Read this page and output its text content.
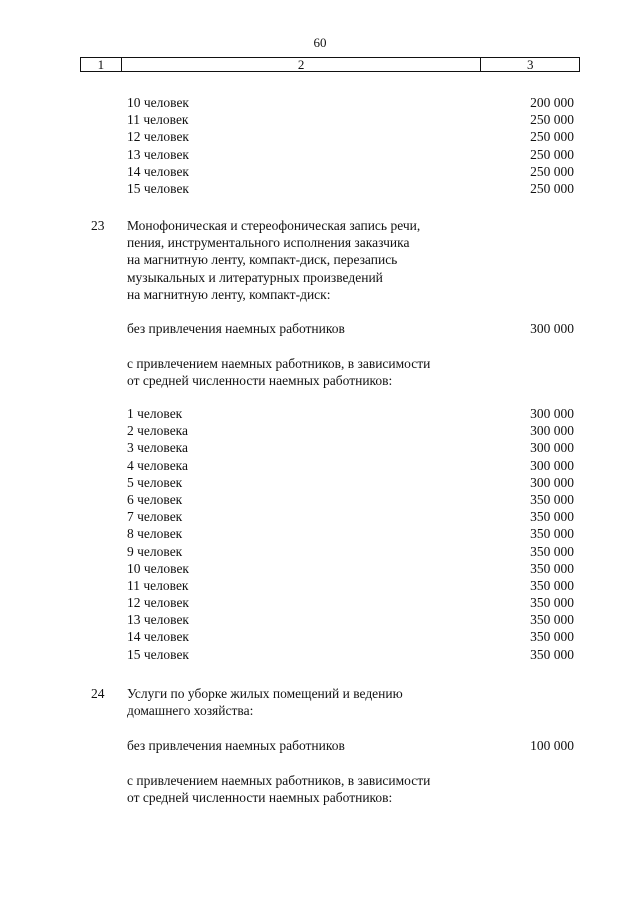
60
1	2	3
10 человек	200 000
11 человек	250 000
12 человек	250 000
13 человек	250 000
14 человек	250 000
15 человек	250 000
23 Монофоническая и стереофоническая запись речи,
пения, инструментального исполнения заказчика
на магнитную ленту, компакт-диск, перезапись
музыкальных и литературных произведений
на магнитную ленту, компакт-диск:
без привлечения наемных работников	300 000
с привлечением наемных работников, в зависимости
от средней численности наемных работников:
1 человек	300 000
2 человека	300 000
3 человека	300 000
4 человека	300 000
5 человек	300 000
6 человек	350 000
7 человек	350 000
8 человек	350 000
9 человек	350 000
10 человек	350 000
11 человек	350 000
12 человек	350 000
13 человек	350 000
14 человек	350 000
15 человек	350 000
24 Услуги по уборке жилых помещений и ведению
домашнего хозяйства:
без привлечения наемных работников	100 000
с привлечением наемных работников, в зависимости
от средней численности наемных работников:
